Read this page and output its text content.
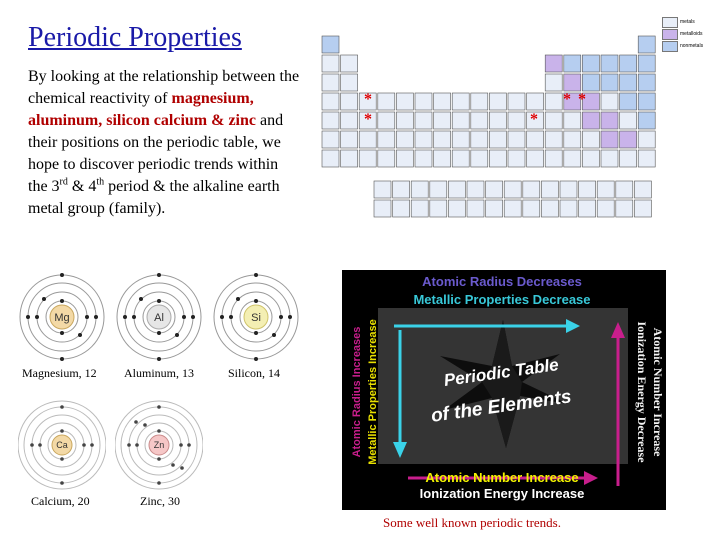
Periodic Properties
By looking at the relationship between the chemical reactivity of magnesium, aluminum, silicon calcium & zinc and their positions on the periodic table, we hope to discover periodic trends within the 3rd & 4th period & the alkaline earth metal group (family).
Mg
Magnesium, 12
Al
Aluminum, 13
Si
Silicon, 14
Ca
Calcium, 20
Zn
Zinc, 30
*
*
* *
*
metals
metalloids
nonmetals
Atomic Radius Decreases
Metallic Properties Decrease
Atomic Radius Increases Metallic Properties Increase	Ionization Energy Decrease Atomic Number Increase
Periodic Table
of the Elements
Atomic Number Increase
Ionization Energy Increase
Some well known periodic trends.
